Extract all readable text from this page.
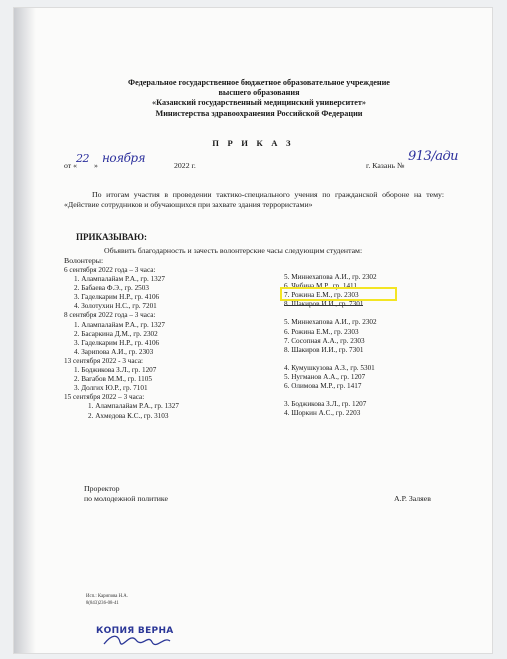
Федеральное государственное бюджетное образовательное учреждение
высшего образования
«Казанский государственный медицинский университет»
Министерства здравоохранения Российской Федерации
П Р И К А З
от «
22
»
ноября
2022 г.	г. Казань №
913/ади
По итогам участия в проведении тактико-специального учения по гражданской обороне на тему: «Действие сотрудников и обучающихся при захвате здания террористами»
ПРИКАЗЫВАЮ:
Объявить благодарность и зачесть волонтерские часы следующим студентам:
Волонтеры:
6 сентября 2022 года – 3 часа:
1. Алампалайам Р.А., гр. 1327
2. Бабаева Ф.Э., гр. 2503
3. Гаделкарим Н.Р., гр. 4106
4. Золотухин Н.С., гр. 7201
8 сентября 2022 года – 3 часа:
1. Алампалайам Р.А., гр. 1327
2. Басаркина Д.М., гр. 2302
3. Гаделкарим Н.Р., гр. 4106
4. Зарипова А.И., гр. 2303
13 сентября 2022 - 3 часа:
1. Боджикова З.Л., гр. 1207
2. Вагабов М.М., гр. 1105
3. Долгих Ю.Р., гр. 7101
15 сентября 2022 – 3 часа:
1. Алампалайам Р.А., гр. 1327
2. Ахмедова К.С., гр. 3103
5. Миннехапова А.И., гр. 2302
6. Чибина М.Р., гр. 1411
7. Рожина Е.М., гр. 2303
8. Шакиров И.И., гр. 7301
5. Миннехапова А.И., гр. 2302
6. Рожина Е.М., гр. 2303
7. Сосопная А.А., гр. 2303
8. Шакиров И.И., гр. 7301
4. Кумушкузова А.З., гр. 5301
5. Нугманов А.А., гр. 1207
6. Олимова М.Р., гр. 1417
3. Боджикова З.Л., гр. 1207
4. Шоркин А.С., гр. 2203
Проректор
по молодежной политике	А.Р. Заляев
Исп.: Карипова Н.А.
8(843)236-08-41
КОПИЯ ВЕРНА
